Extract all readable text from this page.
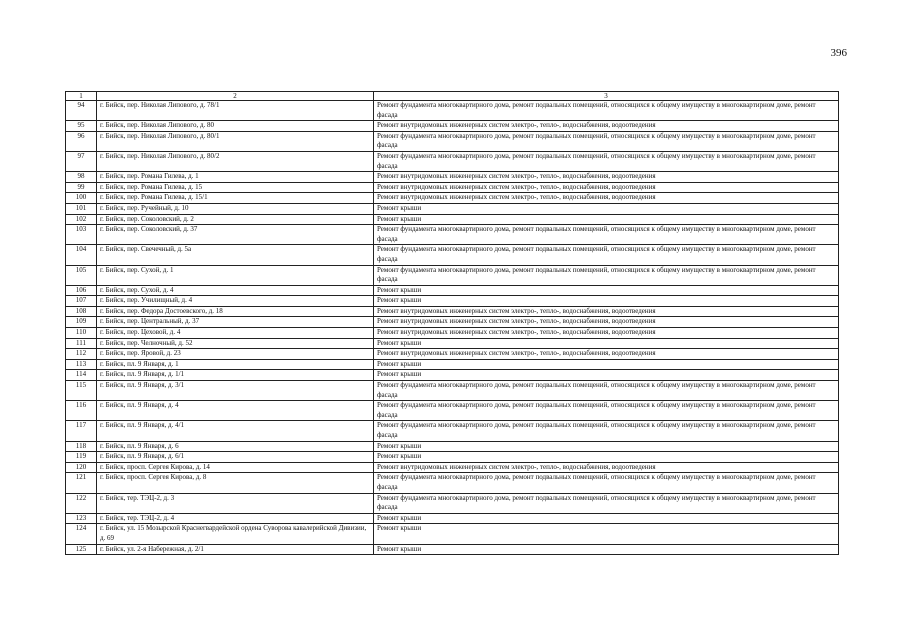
396
1	2	3
94	г. Бийск, пер. Николая Липового, д. 78/1	Ремонт фундамента многоквартирного дома, ремонт подвальных помещений, относящихся к общему имуществу в многоквартирном доме, ремонт фасада
95	г. Бийск, пер. Николая Липового, д. 80	Ремонт внутридомовых инженерных систем электро-, тепло-, водоснабжения, водоотведения
96	г. Бийск, пер. Николая Липового, д. 80/1	Ремонт фундамента многоквартирного дома, ремонт подвальных помещений, относящихся к общему имуществу в многоквартирном доме, ремонт фасада
97	г. Бийск, пер. Николая Липового, д. 80/2	Ремонт фундамента многоквартирного дома, ремонт подвальных помещений, относящихся к общему имуществу в многоквартирном доме, ремонт фасада
98	г. Бийск, пер. Романа Гилева, д. 1	Ремонт внутридомовых инженерных систем электро-, тепло-, водоснабжения, водоотведения
99	г. Бийск, пер. Романа Гилева, д. 15	Ремонт внутридомовых инженерных систем электро-, тепло-, водоснабжения, водоотведения
100	г. Бийск, пер. Романа Гилева, д. 15/1	Ремонт внутридомовых инженерных систем электро-, тепло-, водоснабжения, водоотведения
101	г. Бийск, пер. Ручейный, д. 10	Ремонт крыши
102	г. Бийск, пер. Соколовский, д. 2	Ремонт крыши
103	г. Бийск, пер. Соколовский, д. 37	Ремонт фундамента многоквартирного дома, ремонт подвальных помещений, относящихся к общему имуществу в многоквартирном доме, ремонт фасада
104	г. Бийск, пер. Свечечный, д. 5а	Ремонт фундамента многоквартирного дома, ремонт подвальных помещений, относящихся к общему имуществу в многоквартирном доме, ремонт фасада
105	г. Бийск, пер. Сухой, д. 1	Ремонт фундамента многоквартирного дома, ремонт подвальных помещений, относящихся к общему имуществу в многоквартирном доме, ремонт фасада
106	г. Бийск, пер. Сухой, д. 4	Ремонт крыши
107	г. Бийск, пер. Училищный, д. 4	Ремонт крыши
108	г. Бийск, пер. Федора Достоевского, д. 18	Ремонт внутридомовых инженерных систем электро-, тепло-, водоснабжения, водоотведения
109	г. Бийск, пер. Центральный, д. 37	Ремонт внутридомовых инженерных систем электро-, тепло-, водоснабжения, водоотведения
110	г. Бийск, пер. Цеховой, д. 4	Ремонт внутридомовых инженерных систем электро-, тепло-, водоснабжения, водоотведения
111	г. Бийск, пер. Челночный, д. 52	Ремонт крыши
112	г. Бийск, пер. Яровой, д. 23	Ремонт внутридомовых инженерных систем электро-, тепло-, водоснабжения, водоотведения
113	г. Бийск, пл. 9 Января, д. 1	Ремонт крыши
114	г. Бийск, пл. 9 Января, д. 1/1	Ремонт крыши
115	г. Бийск, пл. 9 Января, д. 3/1	Ремонт фундамента многоквартирного дома, ремонт подвальных помещений, относящихся к общему имуществу в многоквартирном доме, ремонт фасада
116	г. Бийск, пл. 9 Января, д. 4	Ремонт фундамента многоквартирного дома, ремонт подвальных помещений, относящихся к общему имуществу в многоквартирном доме, ремонт фасада
117	г. Бийск, пл. 9 Января, д. 4/1	Ремонт фундамента многоквартирного дома, ремонт подвальных помещений, относящихся к общему имуществу в многоквартирном доме, ремонт фасада
118	г. Бийск, пл. 9 Января, д. 6	Ремонт крыши
119	г. Бийск, пл. 9 Января, д. 6/1	Ремонт крыши
120	г. Бийск, просп. Сергея Кирова, д. 14	Ремонт внутридомовых инженерных систем электро-, тепло-, водоснабжения, водоотведения
121	г. Бийск, просп. Сергея Кирова, д. 8	Ремонт фундамента многоквартирного дома, ремонт подвальных помещений, относящихся к общему имуществу в многоквартирном доме, ремонт фасада
122	г. Бийск, тер. ТЭЦ-2, д. 3	Ремонт фундамента многоквартирного дома, ремонт подвальных помещений, относящихся к общему имуществу в многоквартирном доме, ремонт фасада
123	г. Бийск, тер. ТЭЦ-2, д. 4	Ремонт крыши
124	г. Бийск, ул. 15 Мозырской Краснегвардейской ордена Суворова кавалерийской Дивизии, д. 69	Ремонт крыши
125	г. Бийск, ул. 2-я Набережная, д. 2/1	Ремонт крыши
